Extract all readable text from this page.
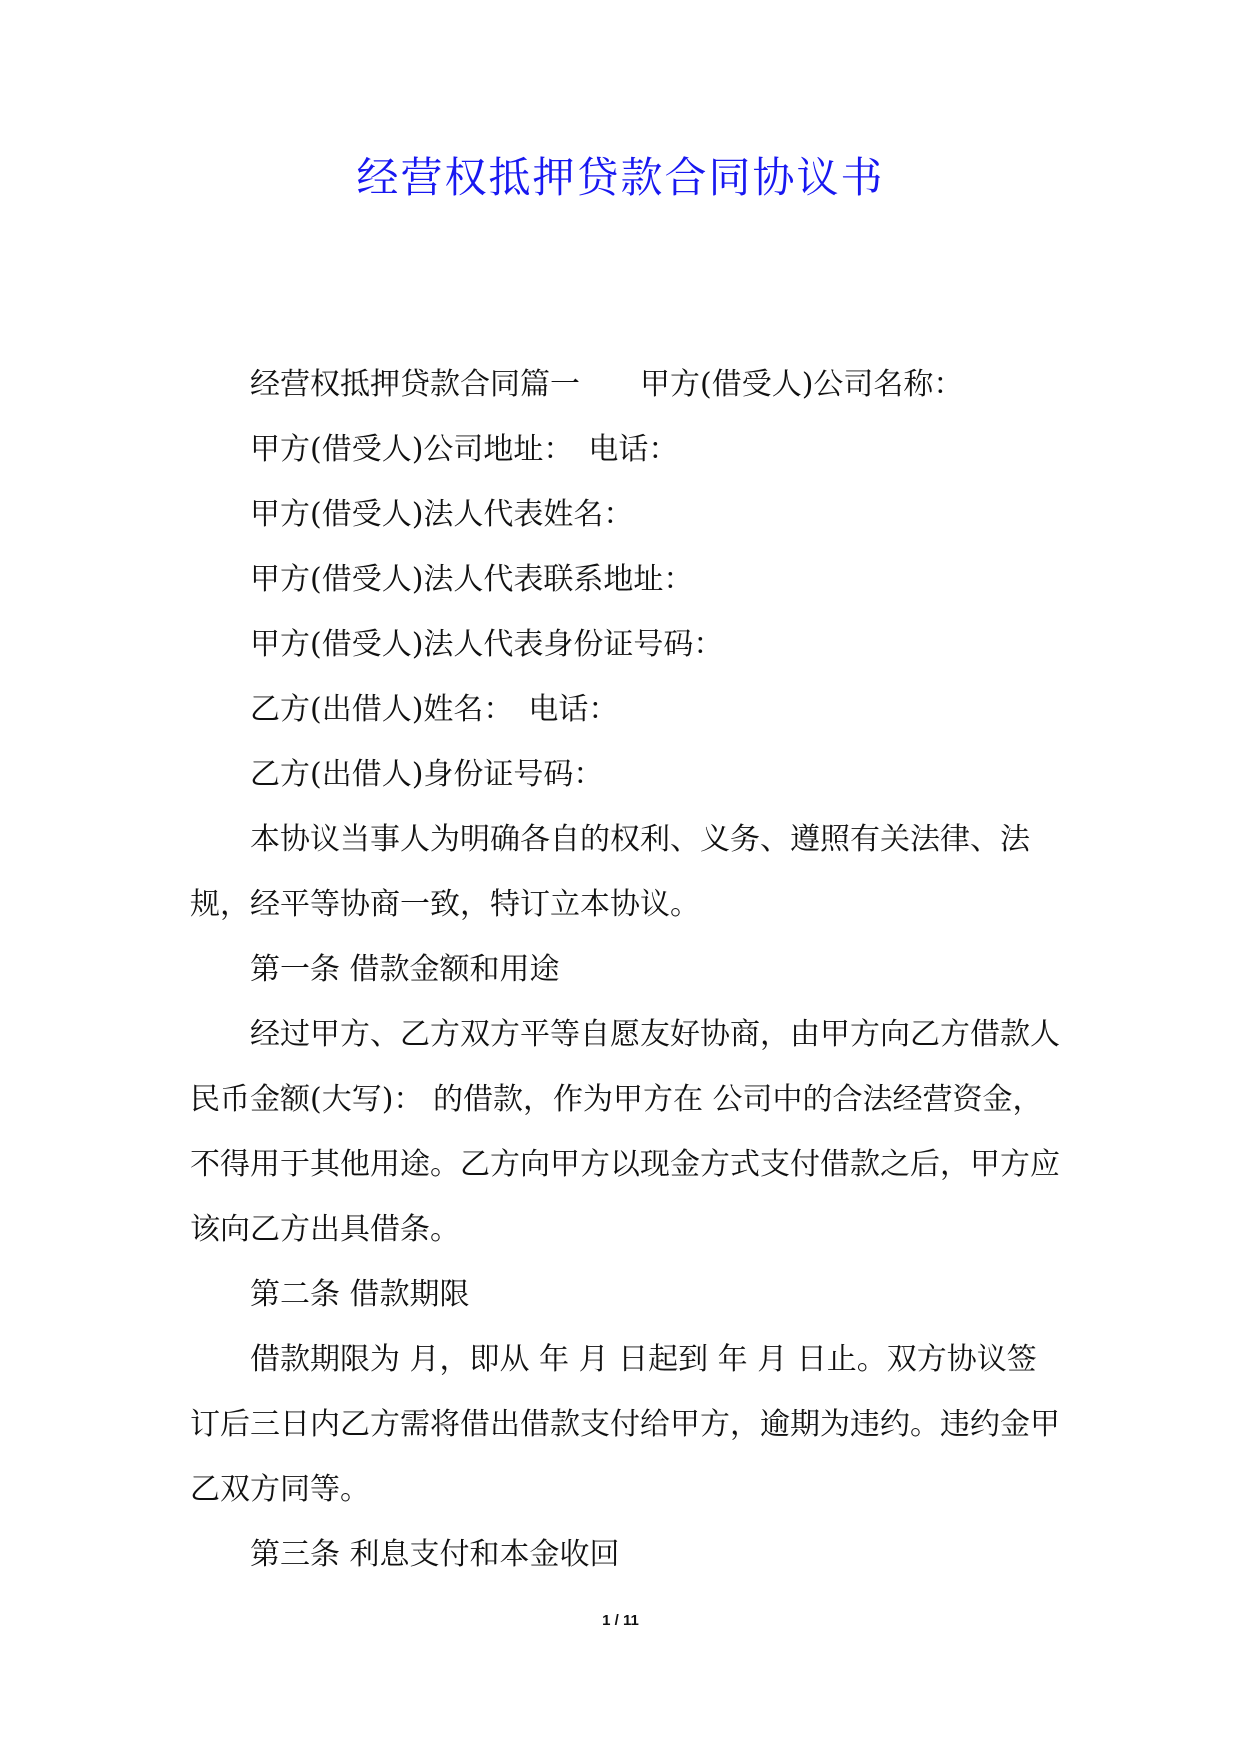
经营权抵押贷款合同协议书

经营权抵押贷款合同篇一　　甲方(借受人)公司名称：

甲方(借受人)公司地址：　电话：

甲方(借受人)法人代表姓名：

甲方(借受人)法人代表联系地址：

甲方(借受人)法人代表身份证号码：

乙方(出借人)姓名：　电话：

乙方(出借人)身份证号码：

本协议当事人为明确各自的权利、义务、遵照有关法律、法规，经平等协商一致，特订立本协议。

第一条 借款金额和用途

经过甲方、乙方双方平等自愿友好协商，由甲方向乙方借款人民币金额(大写)： 的借款，作为甲方在 公司中的合法经营资金，不得用于其他用途。乙方向甲方以现金方式支付借款之后，甲方应该向乙方出具借条。

第二条 借款期限

借款期限为 月，即从 年 月 日起到 年 月 日止。双方协议签订后三日内乙方需将借出借款支付给甲方，逾期为违约。违约金甲乙双方同等。

第三条 利息支付和本金收回

1 / 11
